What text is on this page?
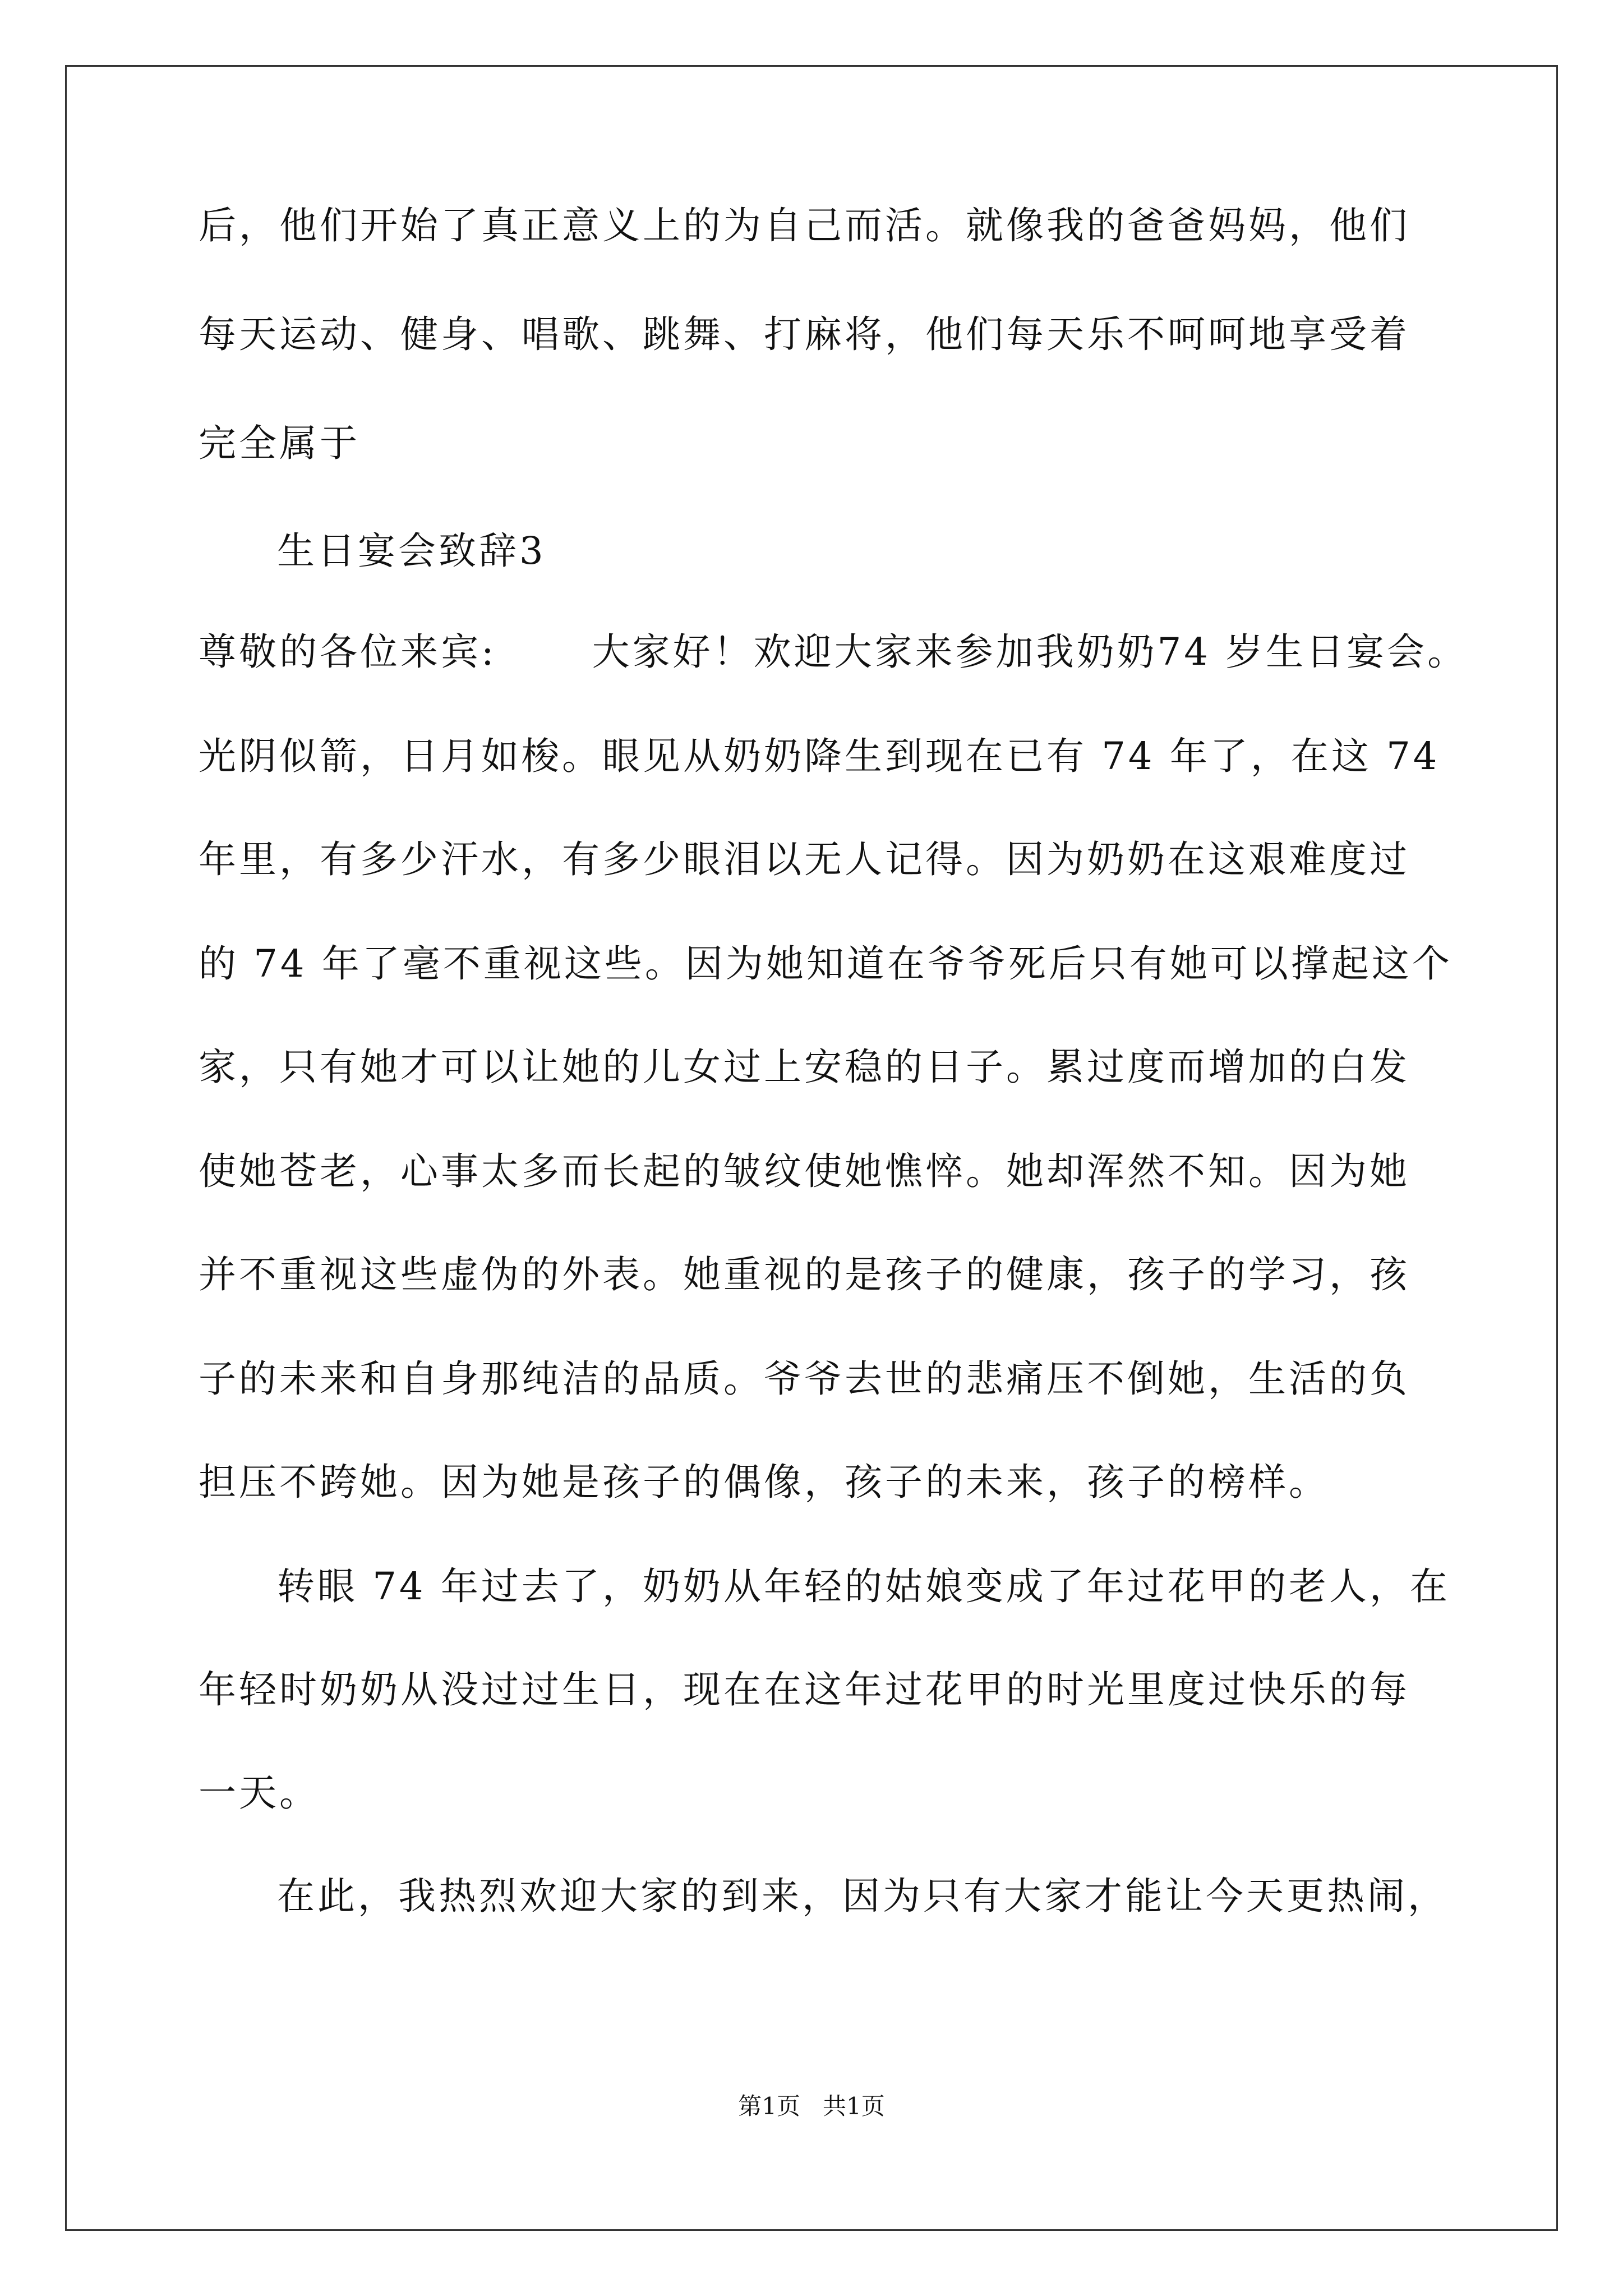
后，他们开始了真正意义上的为自己而活。就像我的爸爸妈妈，他们
每天运动、健身、唱歌、跳舞、打麻将，他们每天乐不呵呵地享受着
完全属于
生日宴会致辞3
尊敬的各位来宾:	大家好！欢迎大家来参加我奶奶74 岁生日宴会。
光阴似箭，日月如梭。眼见从奶奶降生到现在已有 74 年了，在这 74
年里，有多少汗水，有多少眼泪以无人记得。因为奶奶在这艰难度过
的 74 年了毫不重视这些。因为她知道在爷爷死后只有她可以撑起这个
家，只有她才可以让她的儿女过上安稳的日子。累过度而增加的白发
使她苍老，心事太多而长起的皱纹使她憔悴。她却浑然不知。因为她
并不重视这些虚伪的外表。她重视的是孩子的健康，孩子的学习，孩
子的未来和自身那纯洁的品质。爷爷去世的悲痛压不倒她，生活的负
担压不跨她。因为她是孩子的偶像，孩子的未来，孩子的榜样。
转眼 74 年过去了，奶奶从年轻的姑娘变成了年过花甲的老人，在
年轻时奶奶从没过过生日，现在在这年过花甲的时光里度过快乐的每
一天。
在此，我热烈欢迎大家的到来，因为只有大家才能让今天更热闹，
第1页   共1页
